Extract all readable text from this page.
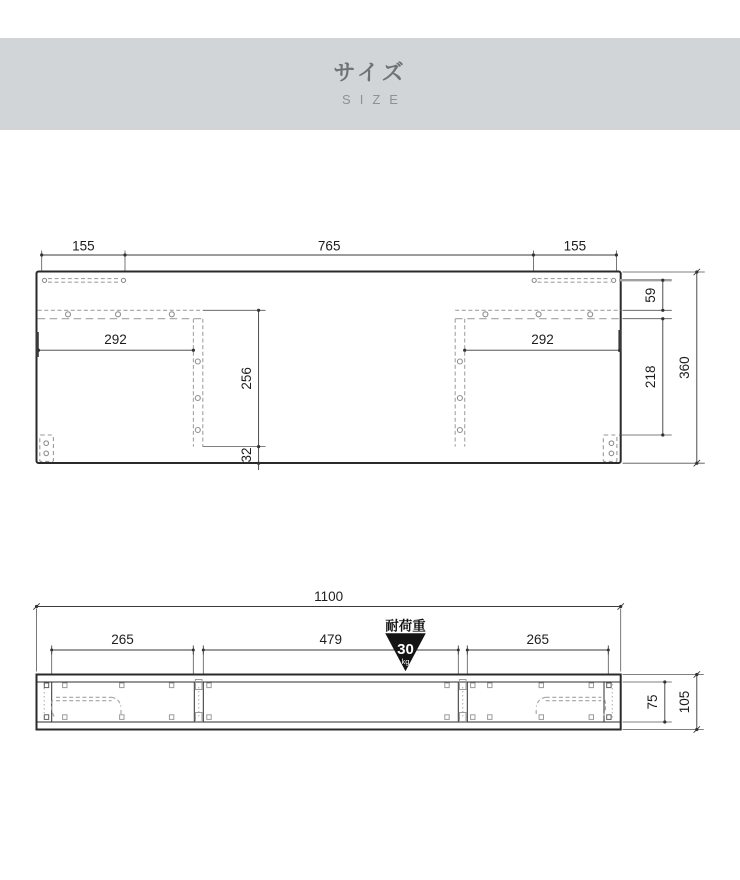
サイズ
SIZE
155	765	155
292	292
256
32
59
218 360
1100
265	479	265
耐荷重
30
kg
75 105
